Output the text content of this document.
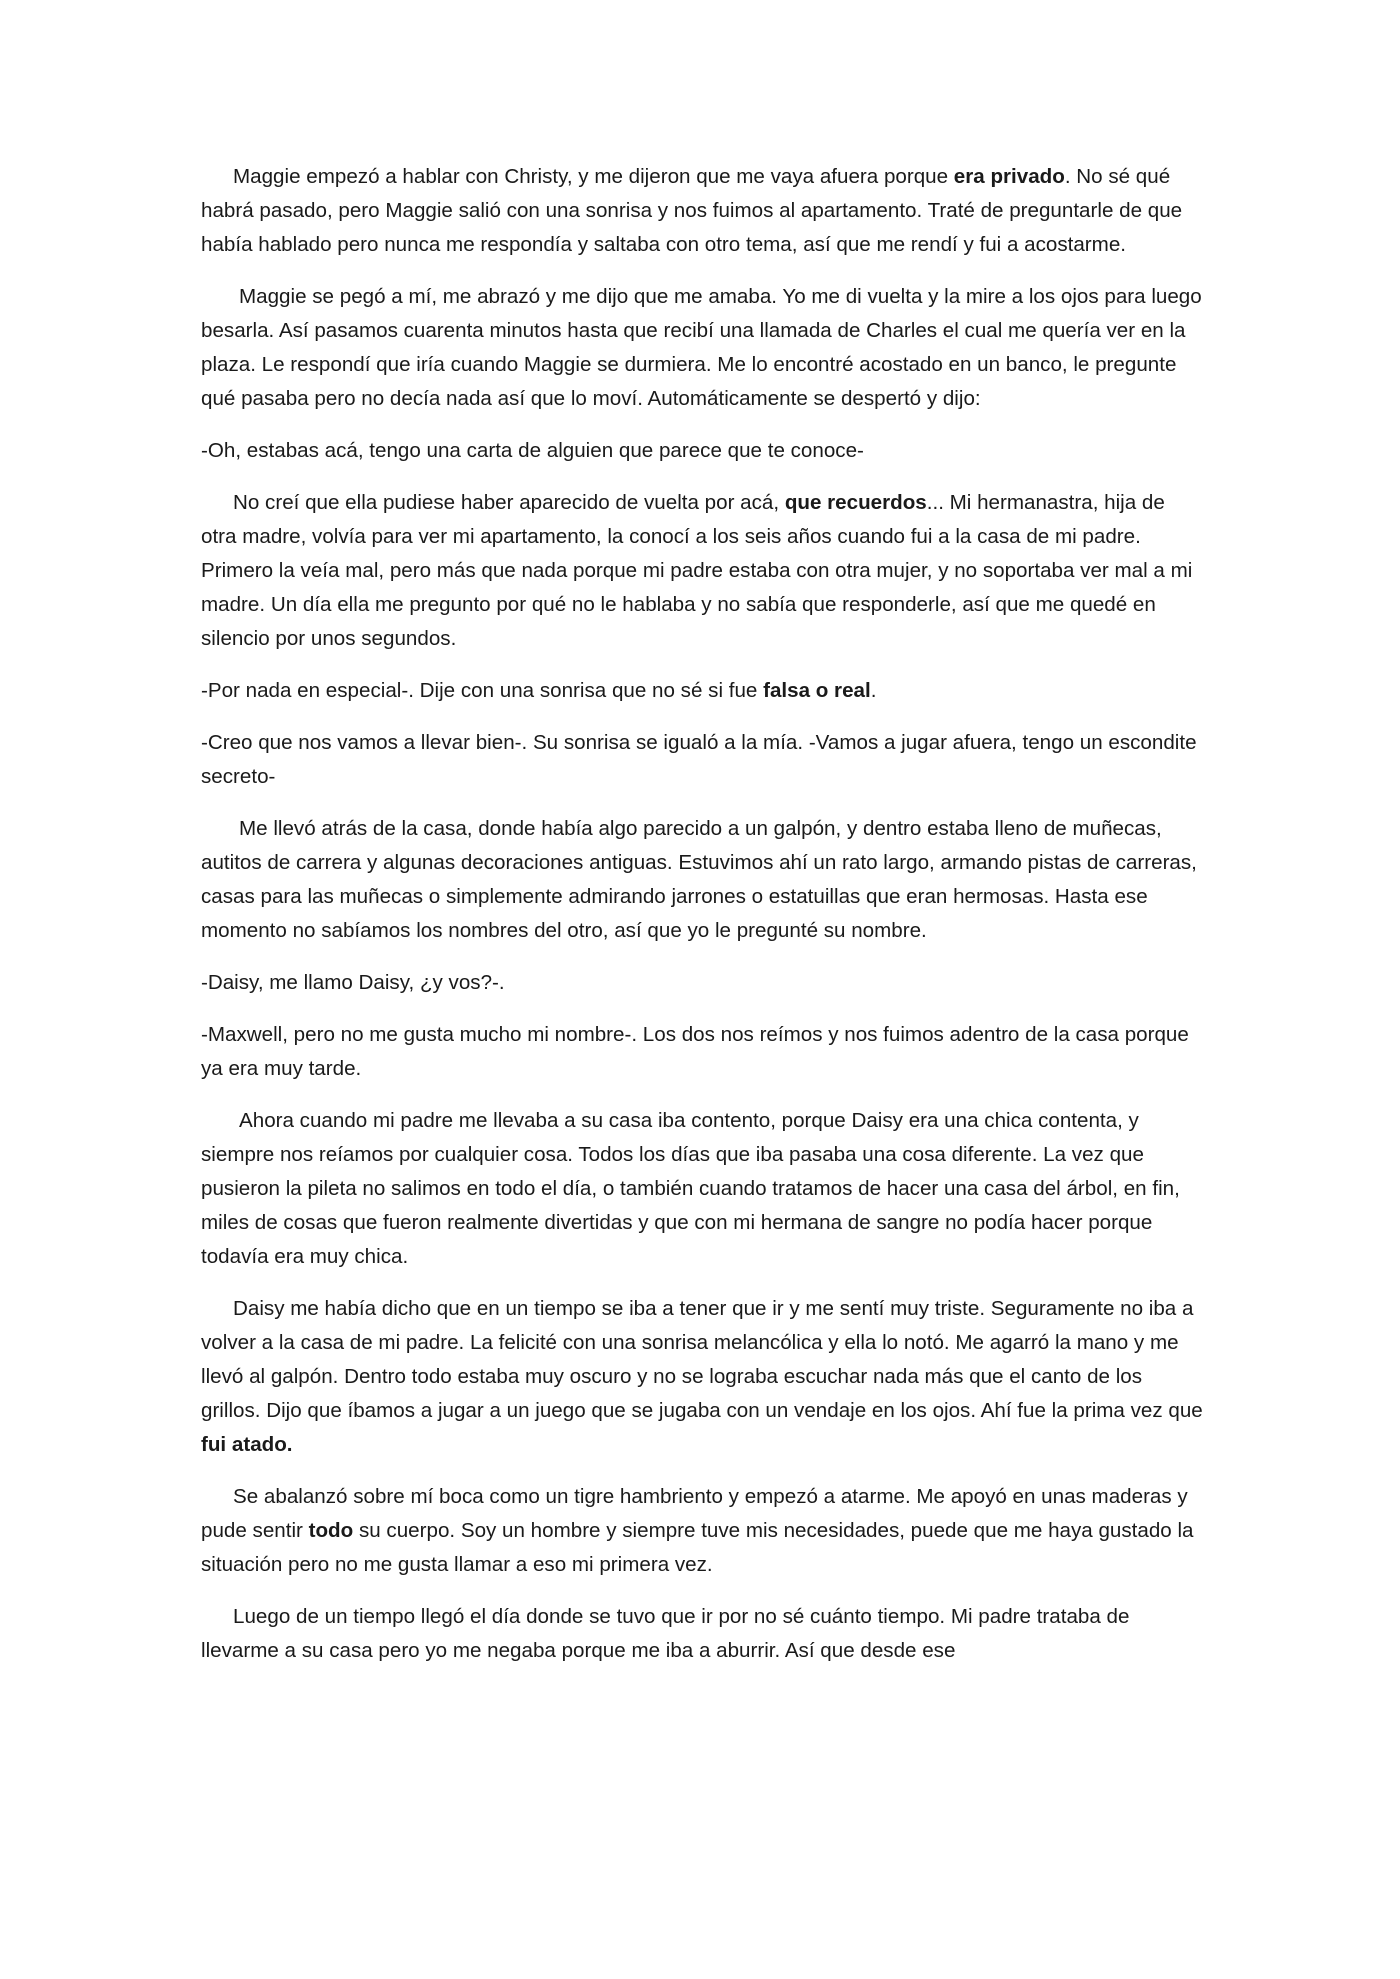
Maggie empezó a hablar con Christy, y me dijeron que me vaya afuera porque era privado. No sé qué habrá pasado, pero Maggie salió con una sonrisa y nos fuimos al apartamento. Traté de preguntarle de que había hablado pero nunca me respondía y saltaba con otro tema, así que me rendí y fui a acostarme.

Maggie se pegó a mí, me abrazó y me dijo que me amaba. Yo me di vuelta y la mire a los ojos para luego besarla. Así pasamos cuarenta minutos hasta que recibí una llamada de Charles el cual me quería ver en la plaza. Le respondí que iría cuando Maggie se durmiera. Me lo encontré acostado en un banco, le pregunte qué pasaba pero no decía nada así que lo moví. Automáticamente se despertó y dijo:

-Oh, estabas acá, tengo una carta de alguien que parece que te conoce-

No creí que ella pudiese haber aparecido de vuelta por acá, que recuerdos... Mi hermanastra, hija de otra madre, volvía para ver mi apartamento, la conocí a los seis años cuando fui a la casa de mi padre. Primero la veía mal, pero más que nada porque mi padre estaba con otra mujer, y no soportaba ver mal a mi madre. Un día ella me pregunto por qué no le hablaba y no sabía que responderle, así que me quedé en silencio por unos segundos.

-Por nada en especial-. Dije con una sonrisa que no sé si fue falsa o real.

-Creo que nos vamos a llevar bien-. Su sonrisa se igualó a la mía. -Vamos a jugar afuera, tengo un escondite secreto-

Me llevó atrás de la casa, donde había algo parecido a un galpón, y dentro estaba lleno de muñecas, autitos de carrera y algunas decoraciones antiguas. Estuvimos ahí un rato largo, armando pistas de carreras, casas para las muñecas o simplemente admirando jarrones o estatuillas que eran hermosas. Hasta ese momento no sabíamos los nombres del otro, así que yo le pregunté su nombre.

-Daisy, me llamo Daisy, ¿y vos?-.

-Maxwell, pero no me gusta mucho mi nombre-. Los dos nos reímos y nos fuimos adentro de la casa porque ya era muy tarde.

Ahora cuando mi padre me llevaba a su casa iba contento, porque Daisy era una chica contenta, y siempre nos reíamos por cualquier cosa. Todos los días que iba pasaba una cosa diferente. La vez que pusieron la pileta no salimos en todo el día, o también cuando tratamos de hacer una casa del árbol, en fin, miles de cosas que fueron realmente divertidas y que con mi hermana de sangre no podía hacer porque todavía era muy chica.

Daisy me había dicho que en un tiempo se iba a tener que ir y me sentí muy triste. Seguramente no iba a volver a la casa de mi padre. La felicité con una sonrisa melancólica y ella lo notó. Me agarró la mano y me llevó al galpón. Dentro todo estaba muy oscuro y no se lograba escuchar nada más que el canto de los grillos. Dijo que íbamos a jugar a un juego que se jugaba con un vendaje en los ojos. Ahí fue la prima vez que fui atado.

Se abalanzó sobre mí boca como un tigre hambriento y empezó a atarme. Me apoyó en unas maderas y pude sentir todo su cuerpo. Soy un hombre y siempre tuve mis necesidades, puede que me haya gustado la situación pero no me gusta llamar a eso mi primera vez.

Luego de un tiempo llegó el día donde se tuvo que ir por no sé cuánto tiempo. Mi padre trataba de llevarme a su casa pero yo me negaba porque me iba a aburrir. Así que desde ese
